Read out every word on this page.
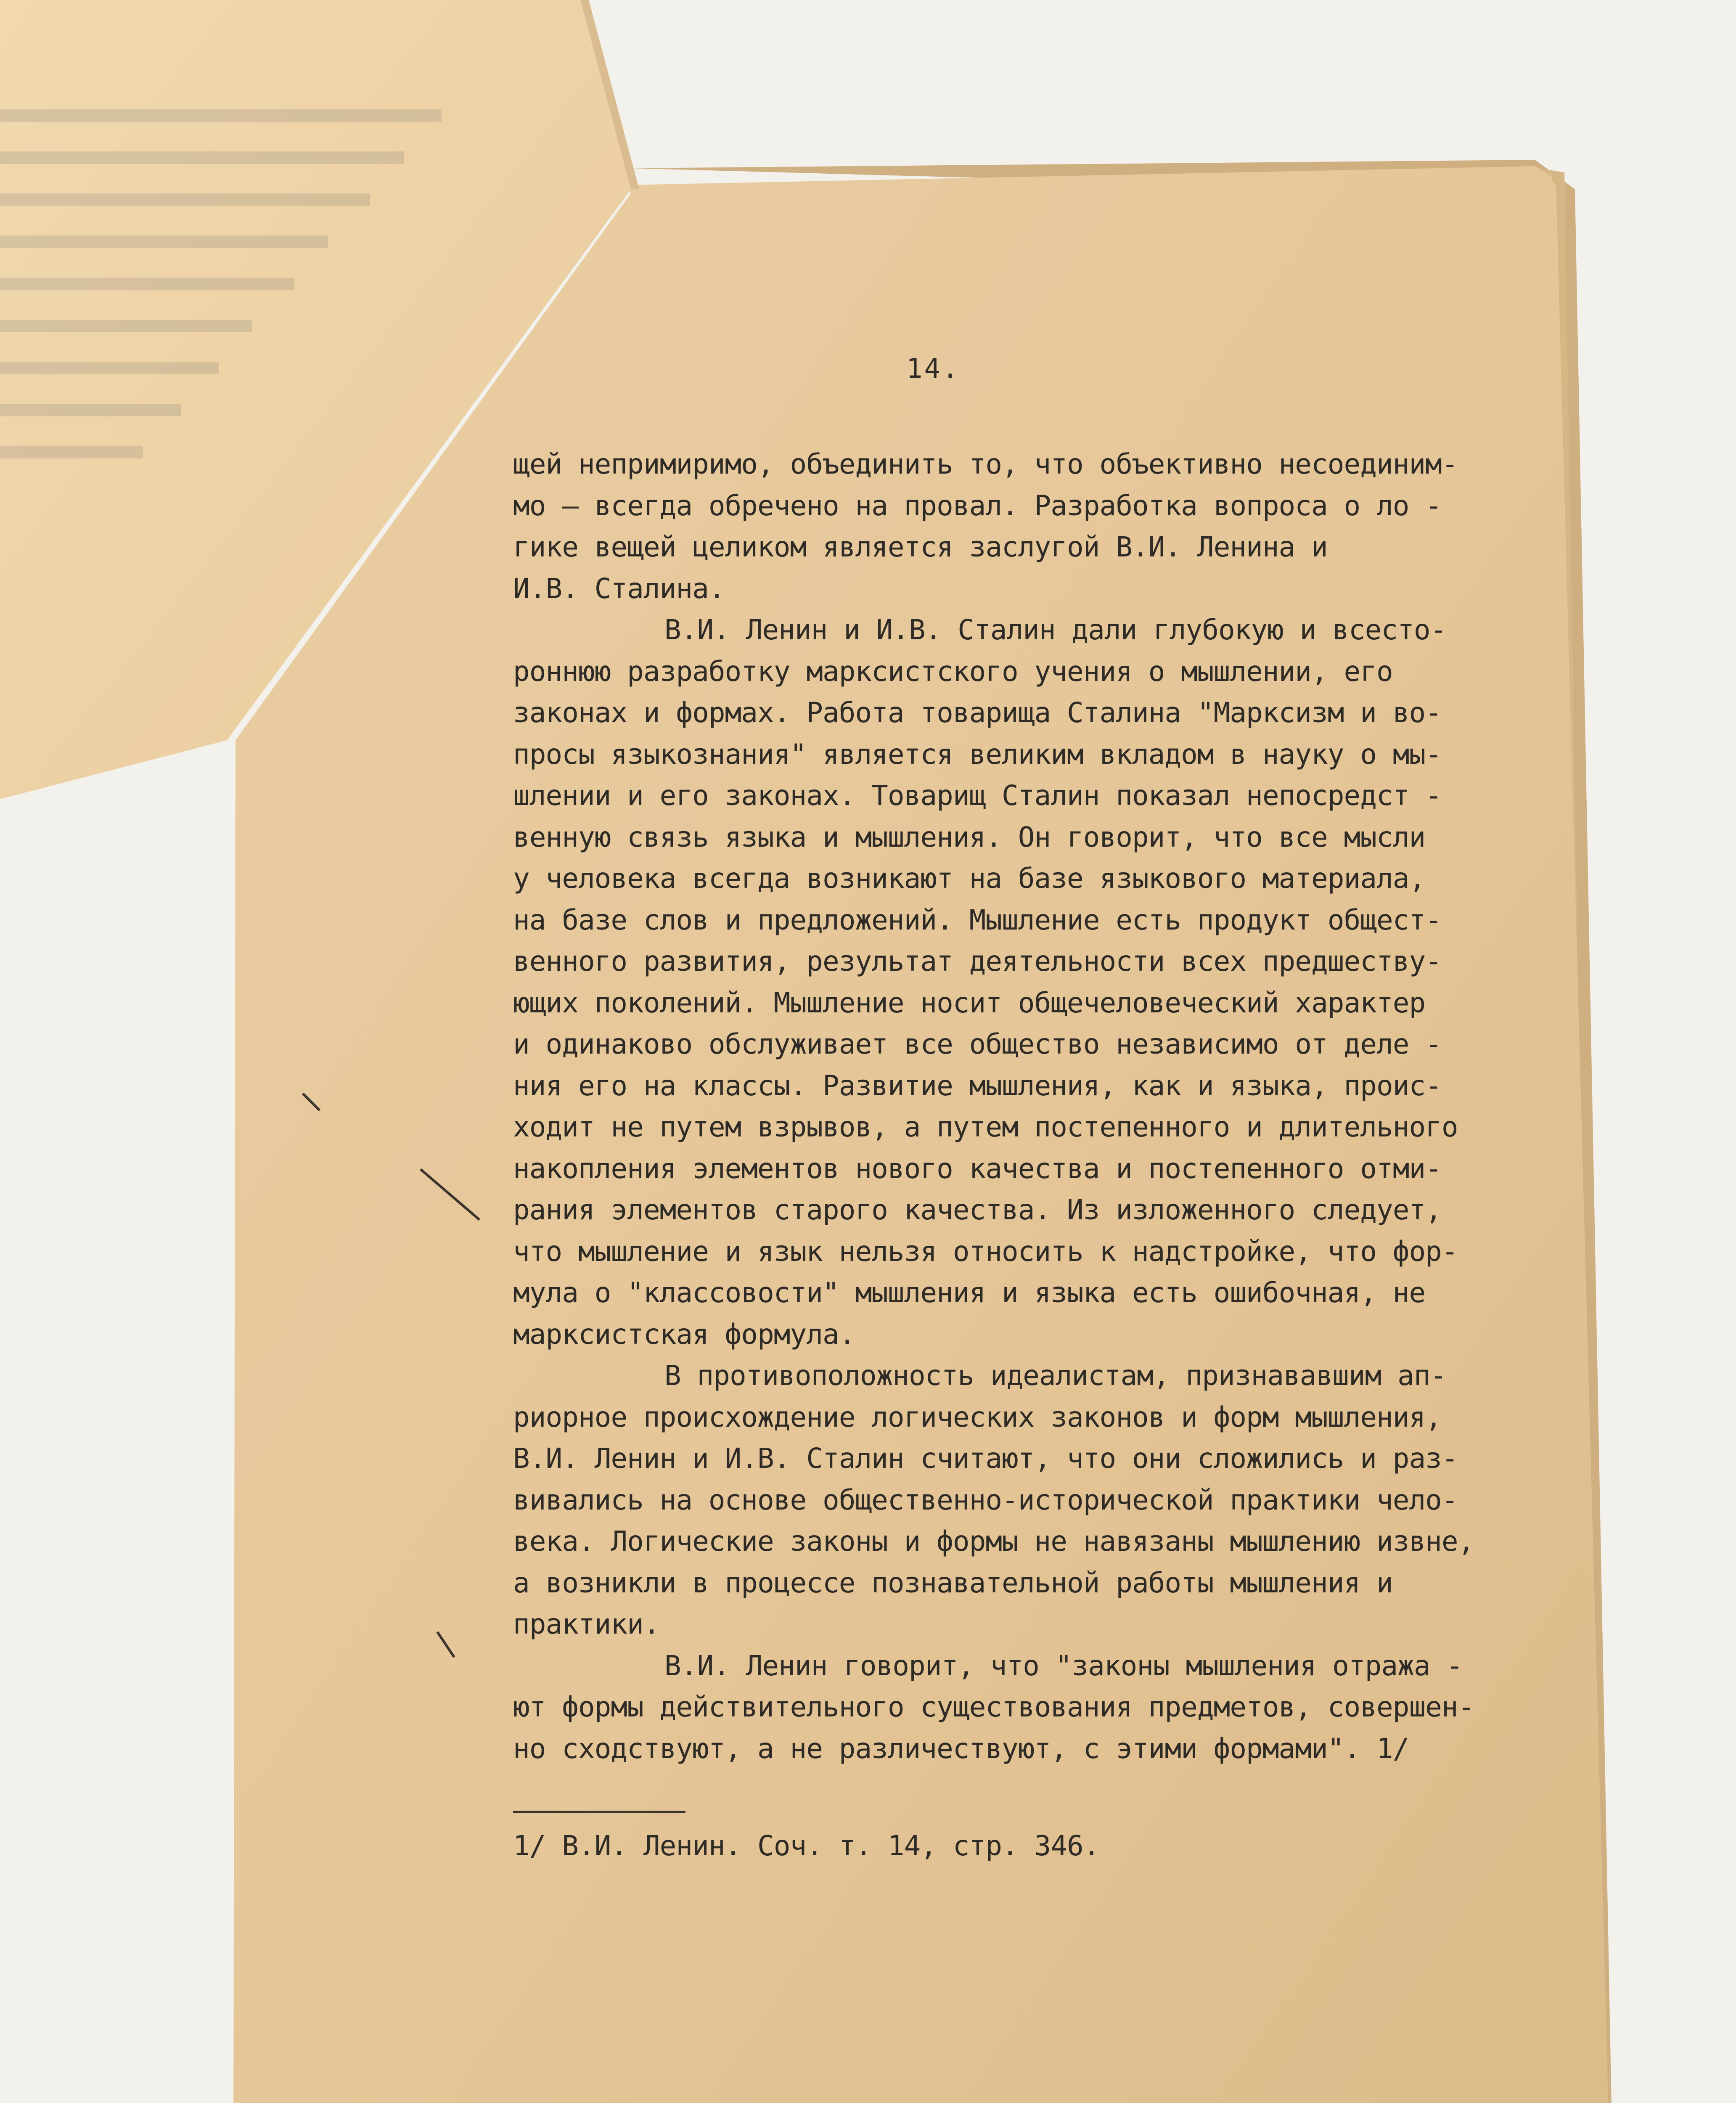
14.
щей непримиримо, объединить то, что объективно несоединим-
мо – всегда обречено на провал. Разработка вопроса о ло -
гике вещей целиком является заслугой В.И. Ленина и
И.В. Сталина.
В.И. Ленин и И.В. Сталин дали глубокую и всесто-
роннюю разработку марксистского учения о мышлении, его
законах и формах. Работа товарища Сталина "Марксизм и во-
просы языкознания" является великим вкладом в науку о мы-
шлении и его законах. Товарищ Сталин показал непосредст -
венную связь языка и мышления. Он говорит, что все мысли
у человека всегда возникают на базе языкового материала,
на базе слов и предложений. Мышление есть продукт общест-
венного развития, результат деятельности всех предшеству-
ющих поколений. Мышление носит общечеловеческий характер
и одинаково обслуживает все общество независимо от деле -
ния его на классы. Развитие мышления, как и языка, проис-
ходит не путем взрывов, а путем постепенного и длительного
накопления элементов нового качества и постепенного отми-
рания элементов старого качества. Из изложенного следует,
что мышление и язык нельзя относить к надстройке, что фор-
мула о "классовости" мышления и языка есть ошибочная, не
марксистская формула.
В противоположность идеалистам, признававшим ап-
риорное происхождение логических законов и форм мышления,
В.И. Ленин и И.В. Сталин считают, что они сложились и раз-
вивались на основе общественно-исторической практики чело-
века. Логические законы и формы не навязаны мышлению извне,
а возникли в процессе познавательной работы мышления и
практики.
В.И. Ленин говорит, что "законы мышления отража -
ют формы действительного существования предметов, совершен-
но сходствуют, а не различествуют, с этими формами". 1/
1/ В.И. Ленин. Соч. т. 14, стр. 346.
